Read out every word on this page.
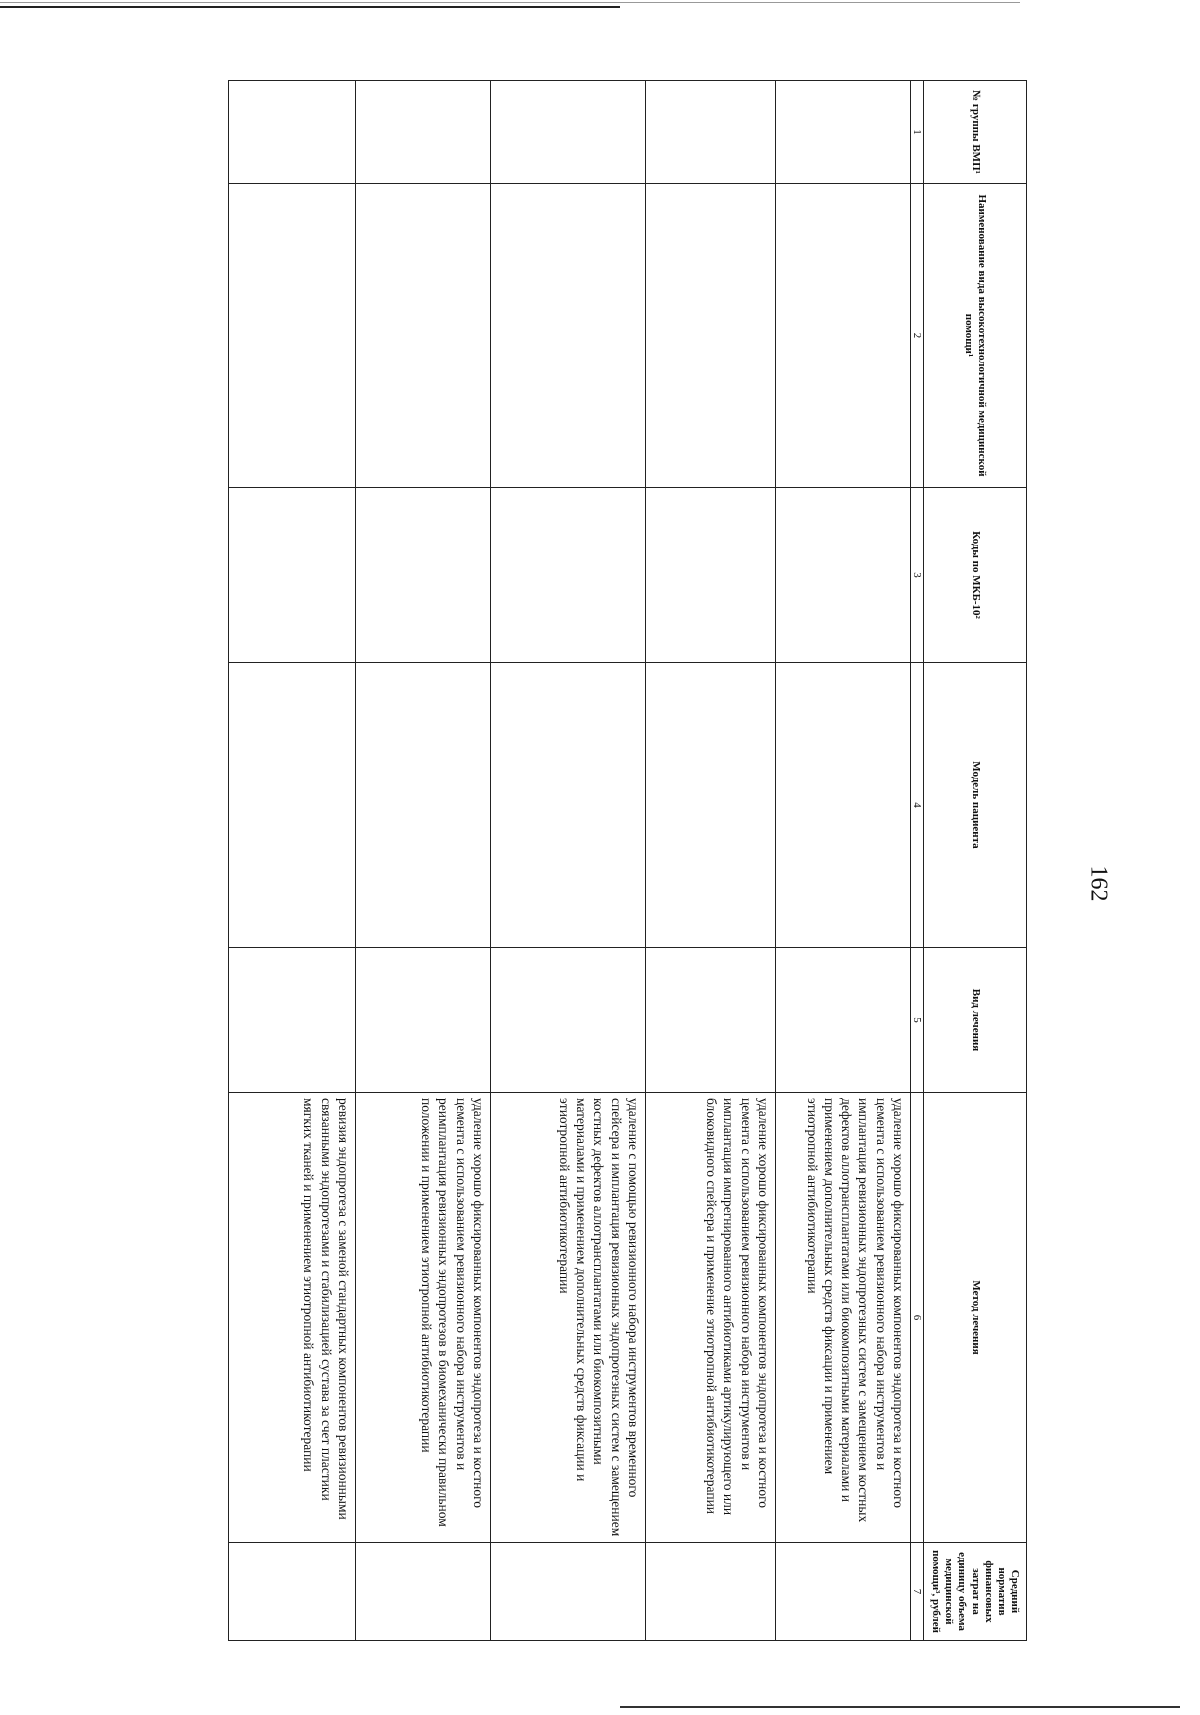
162
№ группы ВМП¹	Наименование вида высокотехнологичной медицинской помощи¹	Коды по МКБ-10²	Модель пациента	Вид лечения	Метод лечения	Средний норматив финансовых затрат на единицу объема медицинской помощи³, рублей
1	2	3	4	5	6	7
					удаление хорошо фиксированных компонентов эндопротеза и костного цемента с использованием ревизионного набора инструментов и имплантация ревизионных эндопротезных систем с замещением костных дефектов аллотрансплантатами или биокомпозитными материалами и применением дополнительных средств фиксации и применением этиотропной антибиотикотерапии	
					удаление хорошо фиксированных компонентов эндопротеза и костного цемента с использованием ревизионного набора инструментов и имплантация импрегнированного антибиотиками артикулирующего или блоковидного спейсера и применение этиотропной антибиотикотерапии	
					удаление с помощью ревизионного набора инструментов временного спейсера и имплантация ревизионных эндопротезных систем с замещением костных дефектов аллотрансплантатами или биокомпозитными материалами и применением дополнительных средств фиксации и этиотропной антибиотикотерапии	
					удаление хорошо фиксированных компонентов эндопротеза и костного цемента с использованием ревизионного набора инструментов и реимплантация ревизионных эндопротезов в биомеханически правильном положении и применением этиотропной антибиотикотерапии	
					ревизия эндопротеза с заменой стандартных компонентов ревизионными связанными эндопротезами и стабилизацией сустава за счет пластики мягких тканей и применением этиотропной антибиотикотерапии	
